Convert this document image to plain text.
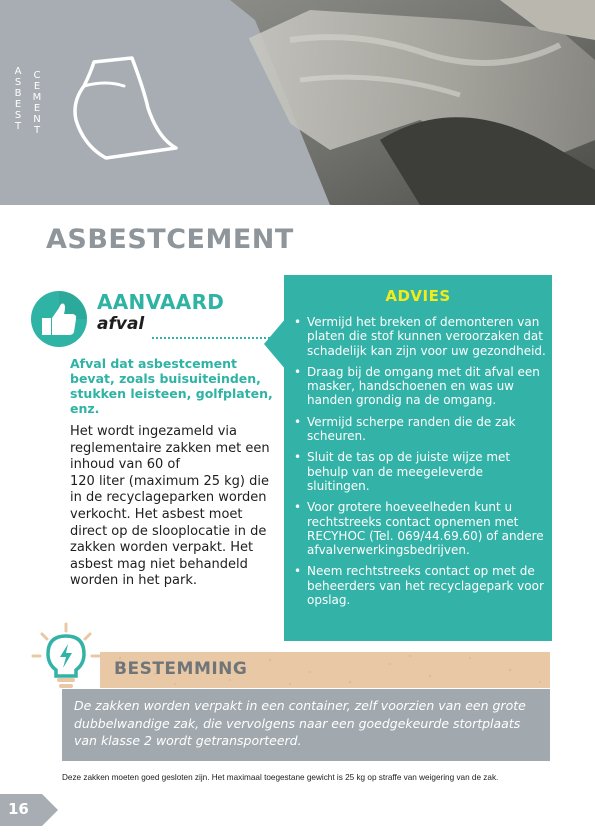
ASBEST
CEMENT
ASBESTCEMENT
AANVAARD
afval
Afval dat asbestcement bevat, zoals buisuiteinden, stukken leisteen, golfplaten, enz.
Het wordt ingezameld via reglementaire zakken met een inhoud van 60 of
120 liter (maximum 25 kg) die in de recyclageparken worden verkocht. Het asbest moet direct op de slooplocatie in de zakken worden verpakt. Het asbest mag niet behandeld worden in het park.
ADVIES
• Vermijd het breken of demonteren van platen die stof kunnen veroorzaken dat schadelijk kan zijn voor uw gezondheid.
• Draag bij de omgang met dit afval een masker, handschoenen en was uw handen grondig na de omgang.
• Vermijd scherpe randen die de zak scheuren.
• Sluit de tas op de juiste wijze met behulp van de meegeleverde sluitingen.
• Voor grotere hoeveelheden kunt u rechtstreeks contact opnemen met RECYHOC (Tel. 069/44.69.60) of andere afvalverwerkingsbedrijven.
• Neem rechtstreeks contact op met de beheerders van het recyclagepark voor opslag.
BESTEMMING
De zakken worden verpakt in een container, zelf voorzien van een grote dubbelwandige zak, die vervolgens naar een goedgekeurde stortplaats van klasse 2 wordt getransporteerd.
Deze zakken moeten goed gesloten zijn. Het maximaal toegestane gewicht is 25 kg op straffe van weigering van de zak.
16
